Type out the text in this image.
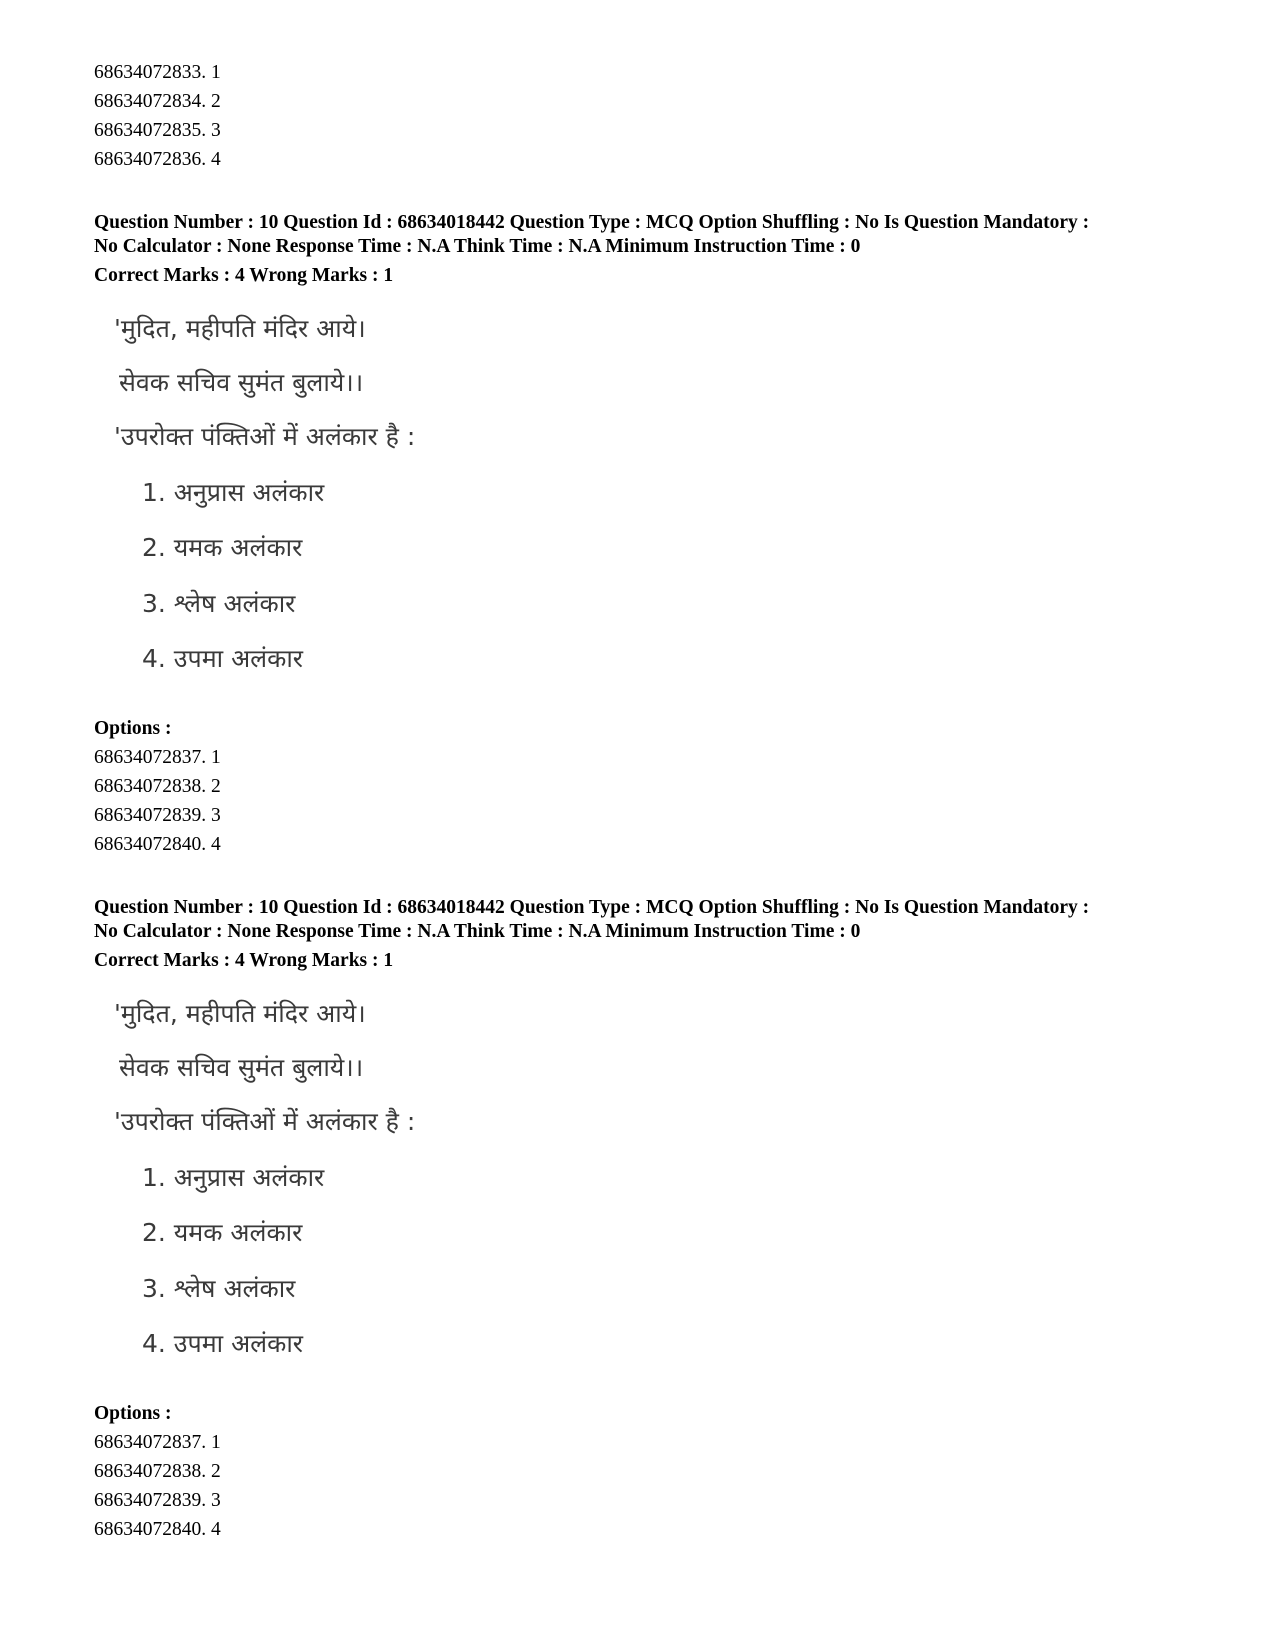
68634072833. 1
68634072834. 2
68634072835. 3
68634072836. 4
Question Number : 10 Question Id : 68634018442 Question Type : MCQ Option Shuffling : No Is Question Mandatory :
No Calculator : None Response Time : N.A Think Time : N.A Minimum Instruction Time : 0
Correct Marks : 4 Wrong Marks : 1
'मुदित, महीपति मंदिर आये।
सेवक सचिव सुमंत बुलाये।।
'उपरोक्त पंक्तिओं में अलंकार है :
1. अनुप्रास अलंकार
2. यमक अलंकार
3. श्लेष अलंकार
4. उपमा अलंकार
Options :
68634072837. 1
68634072838. 2
68634072839. 3
68634072840. 4
Question Number : 10 Question Id : 68634018442 Question Type : MCQ Option Shuffling : No Is Question Mandatory :
No Calculator : None Response Time : N.A Think Time : N.A Minimum Instruction Time : 0
Correct Marks : 4 Wrong Marks : 1
'मुदित, महीपति मंदिर आये।
सेवक सचिव सुमंत बुलाये।।
'उपरोक्त पंक्तिओं में अलंकार है :
1. अनुप्रास अलंकार
2. यमक अलंकार
3. श्लेष अलंकार
4. उपमा अलंकार
Options :
68634072837. 1
68634072838. 2
68634072839. 3
68634072840. 4
